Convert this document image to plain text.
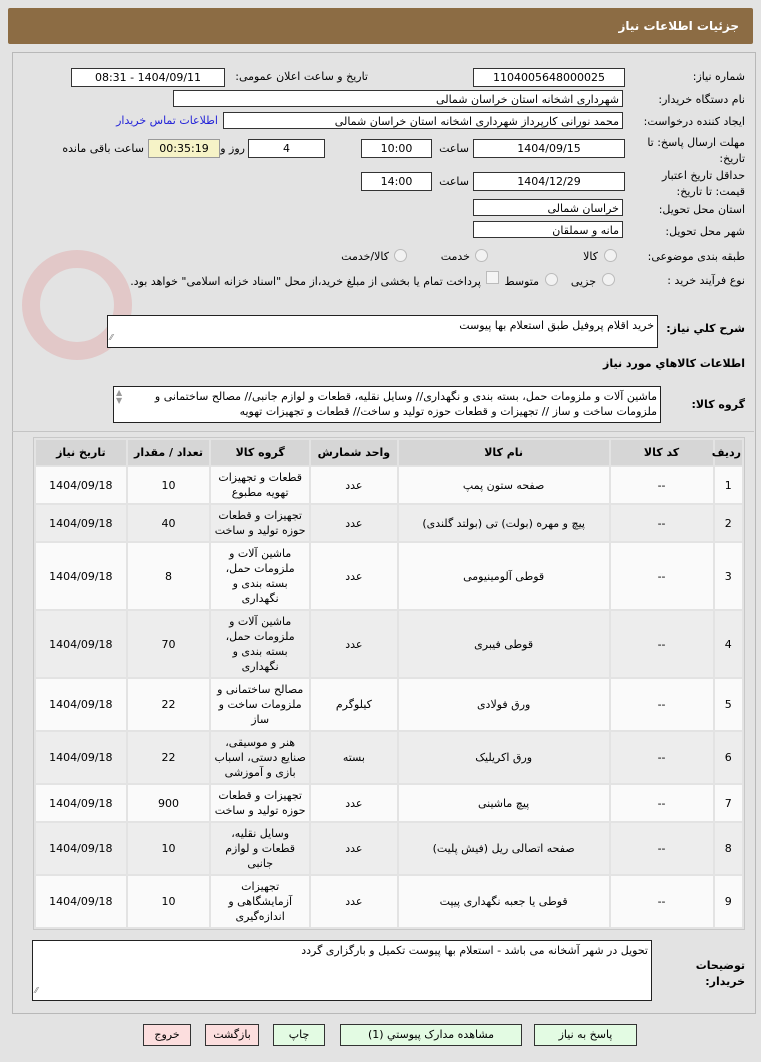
جزئیات اطلاعات نیاز
شماره نیاز:
1104005648000025
تاریخ و ساعت اعلان عمومی:
1404/09/11 - 08:31
نام دستگاه خریدار:
شهرداری اشخانه استان خراسان شمالی
ایجاد کننده درخواست:
محمد نورانی کارپرداز شهرداری اشخانه استان خراسان شمالی
اطلاعات تماس خریدار
مهلت ارسال پاسخ: تا
تاریخ:
1404/09/15
ساعت
10:00
4
روز و
00:35:19
ساعت باقی مانده
حداقل تاریخ اعتبار
قیمت: تا تاریخ:
1404/12/29
ساعت
14:00
استان محل تحویل:
خراسان شمالی
شهر محل تحویل:
مانه و سملقان
طبقه بندی موضوعی:
کالا
خدمت
کالا/خدمت
نوع فرآیند خرید :
جزیی
متوسط
پرداخت تمام یا بخشی از مبلغ خرید،از محل "اسناد خزانه اسلامی" خواهد بود.
شرح کلي نياز:
خرید اقلام پروفیل طبق استعلام بها پیوست
⁄⁄
اطلاعات کالاهاي مورد نياز
گروه کالا:
ماشین آلات و ملزومات حمل، بسته بندی و نگهداری// وسایل نقلیه، قطعات و لوازم جانبی// مصالح ساختمانی و ملزومات ساخت و ساز // تجهیزات و قطعات حوزه تولید و ساخت// قطعات و تجهیزات تهویه
▲
▼
ردیف	کد کالا	نام کالا	واحد شمارش	گروه کالا	تعداد / مقدار	تاریخ نیاز
1	--	صفحه ستون پمپ	عدد	قطعات و تجهیزات تهویه مطبوع	10	1404/09/18
2	--	پیچ و مهره (بولت) تی (بولتد گلندی)	عدد	تجهیزات و قطعات حوزه تولید و ساخت	40	1404/09/18
3	--	قوطی آلومینیومی	عدد	ماشین آلات و ملزومات حمل، بسته بندی و نگهداری	8	1404/09/18
4	--	قوطی فیبری	عدد	ماشین آلات و ملزومات حمل، بسته بندی و نگهداری	70	1404/09/18
5	--	ورق فولادی	کیلوگرم	مصالح ساختمانی و ملزومات ساخت و ساز	22	1404/09/18
6	--	ورق اکریلیک	بسته	هنر و موسیقی، صنایع دستی، اسباب بازی و آموزشی	22	1404/09/18
7	--	پیچ ماشینی	عدد	تجهیزات و قطعات حوزه تولید و ساخت	900	1404/09/18
8	--	صفحه اتصالی ریل (فیش پلیت)	عدد	وسایل نقلیه، قطعات و لوازم جانبی	10	1404/09/18
9	--	قوطی یا جعبه نگهداری پیپت	عدد	تجهیزات آزمایشگاهی و اندازه‌گیری	10	1404/09/18
توضیحات خریدار:
تحویل در شهر آشخانه می باشد - استعلام بها پیوست تکمیل و بارگزاری گردد
⁄⁄
پاسخ به نیاز
مشاهده مدارک پیوستي (1)
چاپ
بازگشت
خروج
